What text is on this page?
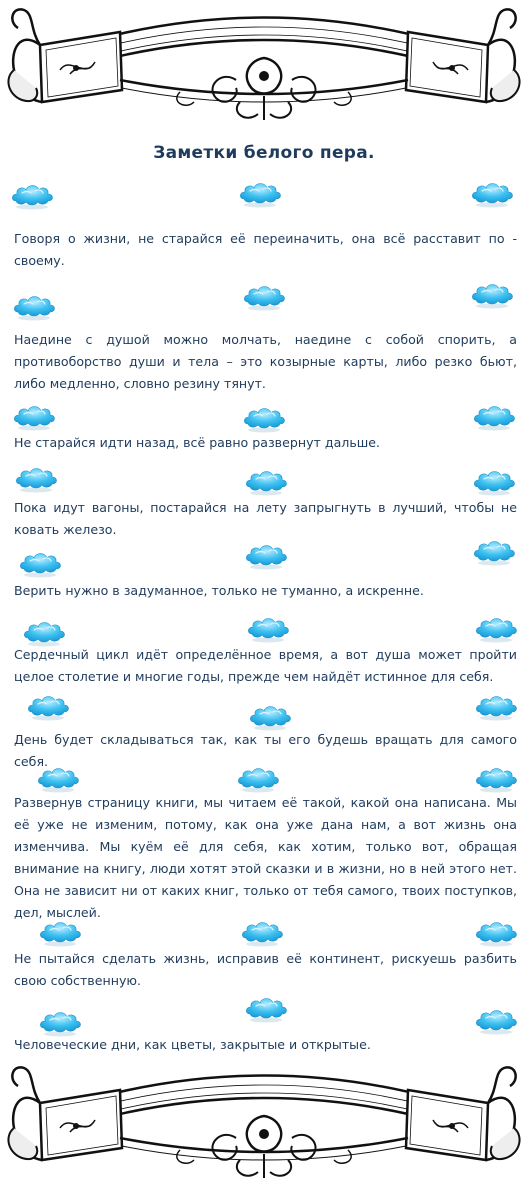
Заметки белого пера.
Говоря о жизни, не старайся её переиначить, она всё расставит по - своему.
Наедине с душой можно молчать, наедине с собой спорить, а противоборство души и тела – это козырные карты, либо резко бьют, либо медленно, словно резину тянут.
Не старайся идти назад, всё равно развернут дальше.
Пока идут вагоны, постарайся на лету запрыгнуть в лучший, чтобы не ковать железо.
Верить нужно в задуманное, только не туманно, а искренне.
Сердечный цикл идёт определённое время, а вот душа может пройти целое столетие и многие годы, прежде чем найдёт истинное для себя.
День будет складываться так, как ты его будешь вращать для самого себя.
Развернув страницу книги, мы читаем её такой, какой она написана. Мы её уже не изменим, потому, как она уже дана нам, а вот жизнь она изменчива. Мы куём её для себя, как хотим, только вот, обращая внимание на книгу, люди хотят этой сказки и в жизни, но в ней этого нет. Она не зависит ни от каких книг, только от тебя самого, твоих поступков, дел, мыслей.
Не пытайся сделать жизнь, исправив её континент, рискуешь разбить свою собственную.
Человеческие дни, как цветы, закрытые и открытые.
